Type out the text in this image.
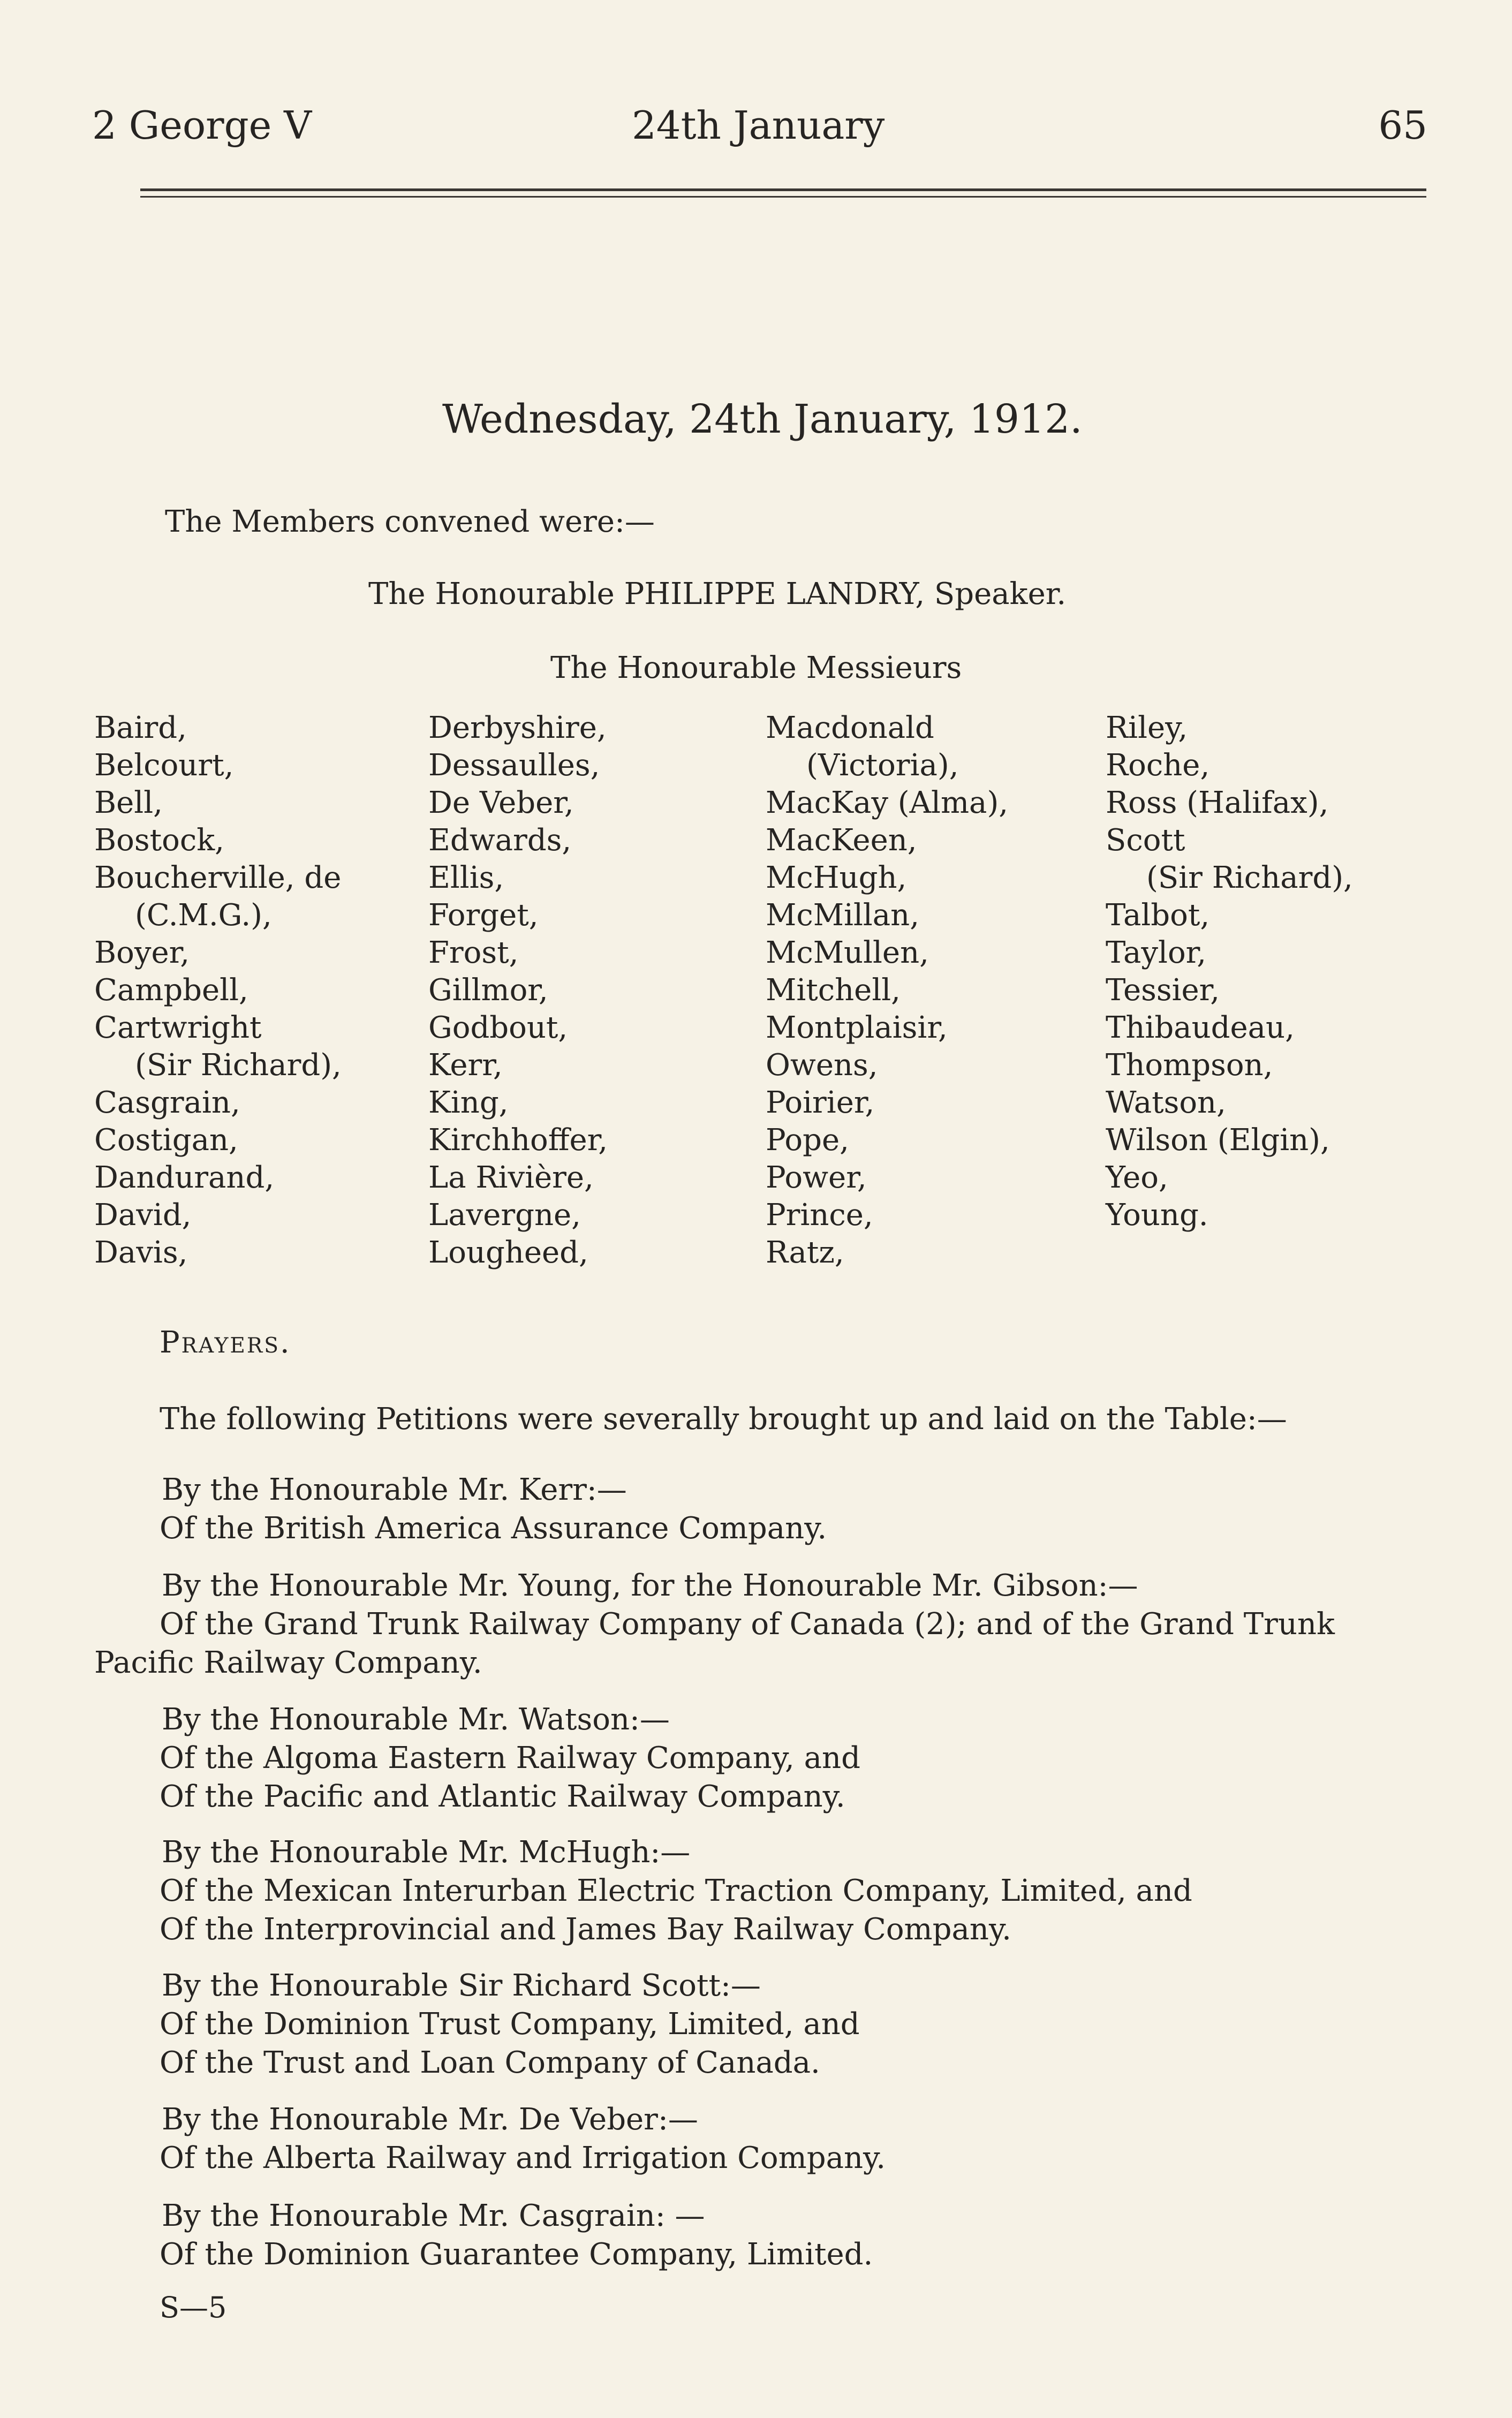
2 George V	24th January	65
Wednesday, 24th January, 1912.
The Members convened were:—
The Honourable PHILIPPE LANDRY, Speaker.
The Honourable Messieurs
Baird,
Belcourt,
Bell,
Bostock,
Boucherville, de
(C.M.G.),
Boyer,
Campbell,
Cartwright
(Sir Richard),
Casgrain,
Costigan,
Dandurand,
David,
Davis,
Derbyshire,
Dessaulles,
De Veber,
Edwards,
Ellis,
Forget,
Frost,
Gillmor,
Godbout,
Kerr,
King,
Kirchhoffer,
La Rivière,
Lavergne,
Lougheed,
Macdonald
(Victoria),
MacKay (Alma),
MacKeen,
McHugh,
McMillan,
McMullen,
Mitchell,
Montplaisir,
Owens,
Poirier,
Pope,
Power,
Prince,
Ratz,
Riley,
Roche,
Ross (Halifax),
Scott
(Sir Richard),
Talbot,
Taylor,
Tessier,
Thibaudeau,
Thompson,
Watson,
Wilson (Elgin),
Yeo,
Young.
Prayers.
The following Petitions were severally brought up and laid on the Table:—
By the Honourable Mr. Kerr:—
Of the British America Assurance Company.
By the Honourable Mr. Young, for the Honourable Mr. Gibson:—
Of the Grand Trunk Railway Company of Canada (2); and of the Grand Trunk
Pacific Railway Company.
By the Honourable Mr. Watson:—
Of the Algoma Eastern Railway Company, and
Of the Pacific and Atlantic Railway Company.
By the Honourable Mr. McHugh:—
Of the Mexican Interurban Electric Traction Company, Limited, and
Of the Interprovincial and James Bay Railway Company.
By the Honourable Sir Richard Scott:—
Of the Dominion Trust Company, Limited, and
Of the Trust and Loan Company of Canada.
By the Honourable Mr. De Veber:—
Of the Alberta Railway and Irrigation Company.
By the Honourable Mr. Casgrain: —
Of the Dominion Guarantee Company, Limited.
S—5
